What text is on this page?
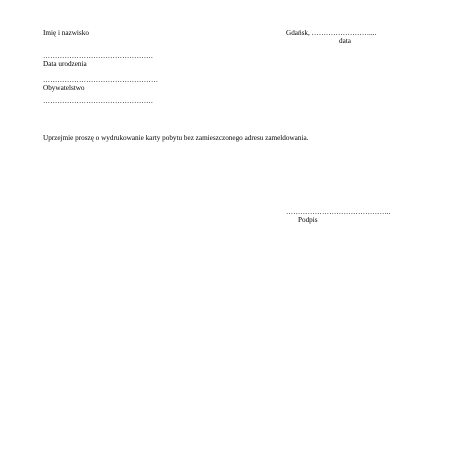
Imię i nazwisko	Gdańsk, ……………………....
data
……………………………………….
Data urodzenia
…………………………………………
Obywatelstwo
……………………………………….
Uprzejmie proszę o wydrukowanie karty pobytu bez zamieszczonego adresu zameldowania.
……………………………………..
Podpis
